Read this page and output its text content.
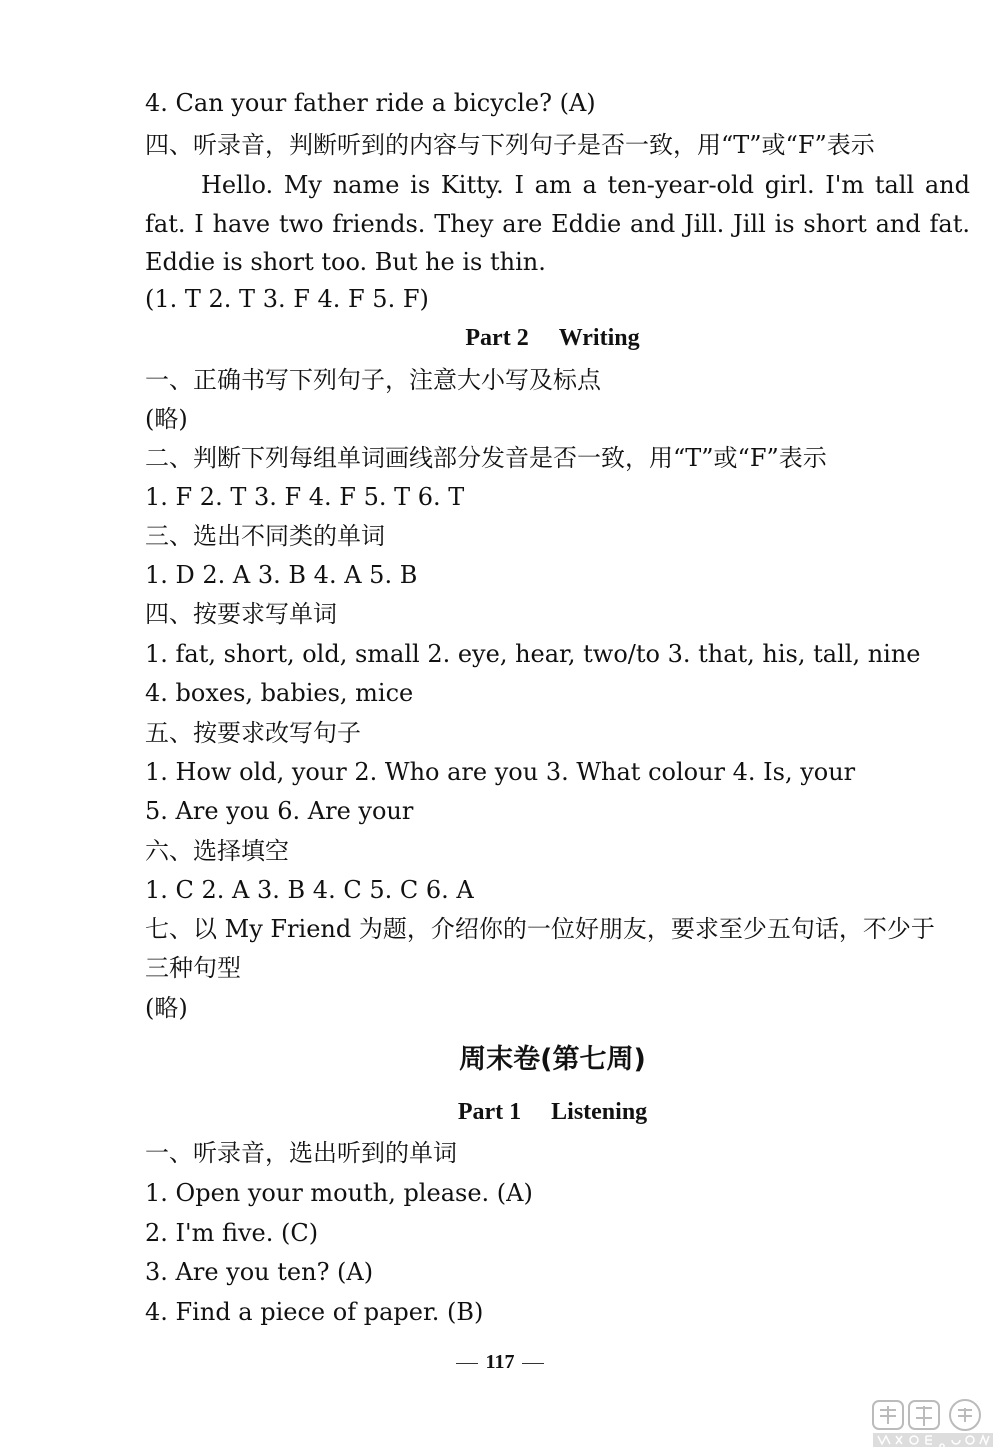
4. Can your father ride a bicycle? (A)
四、听录音，判断听到的内容与下列句子是否一致，用“T”或“F”表示
Hello. My name is Kitty. I am a ten-year-old girl. I'm tall and fat. I have two friends. They are Eddie and Jill. Jill is short and fat. Eddie is short too. But he is thin.
(1. T 2. T 3. F 4. F 5. F)
Part 2 Writing
一、正确书写下列句子，注意大小写及标点
(略)
二、判断下列每组单词画线部分发音是否一致，用“T”或“F”表示
1. F 2. T 3. F 4. F 5. T 6. T
三、选出不同类的单词
1. D 2. A 3. B 4. A 5. B
四、按要求写单词
1. fat, short, old, small 2. eye, hear, two/to 3. that, his, tall, nine
4. boxes, babies, mice
五、按要求改写句子
1. How old, your 2. Who are you 3. What colour 4. Is, your
5. Are you 6. Are your
六、选择填空
1. C 2. A 3. B 4. C 5. C 6. A
七、以 My Friend 为题，介绍你的一位好朋友，要求至少五句话，不少于
三种句型
(略)
周末卷(第七周)
Part 1 Listening
一、听录音，选出听到的单词
1. Open your mouth, please. (A)
2. I'm five. (C)
3. Are you ten? (A)
4. Find a piece of paper. (B)
117
